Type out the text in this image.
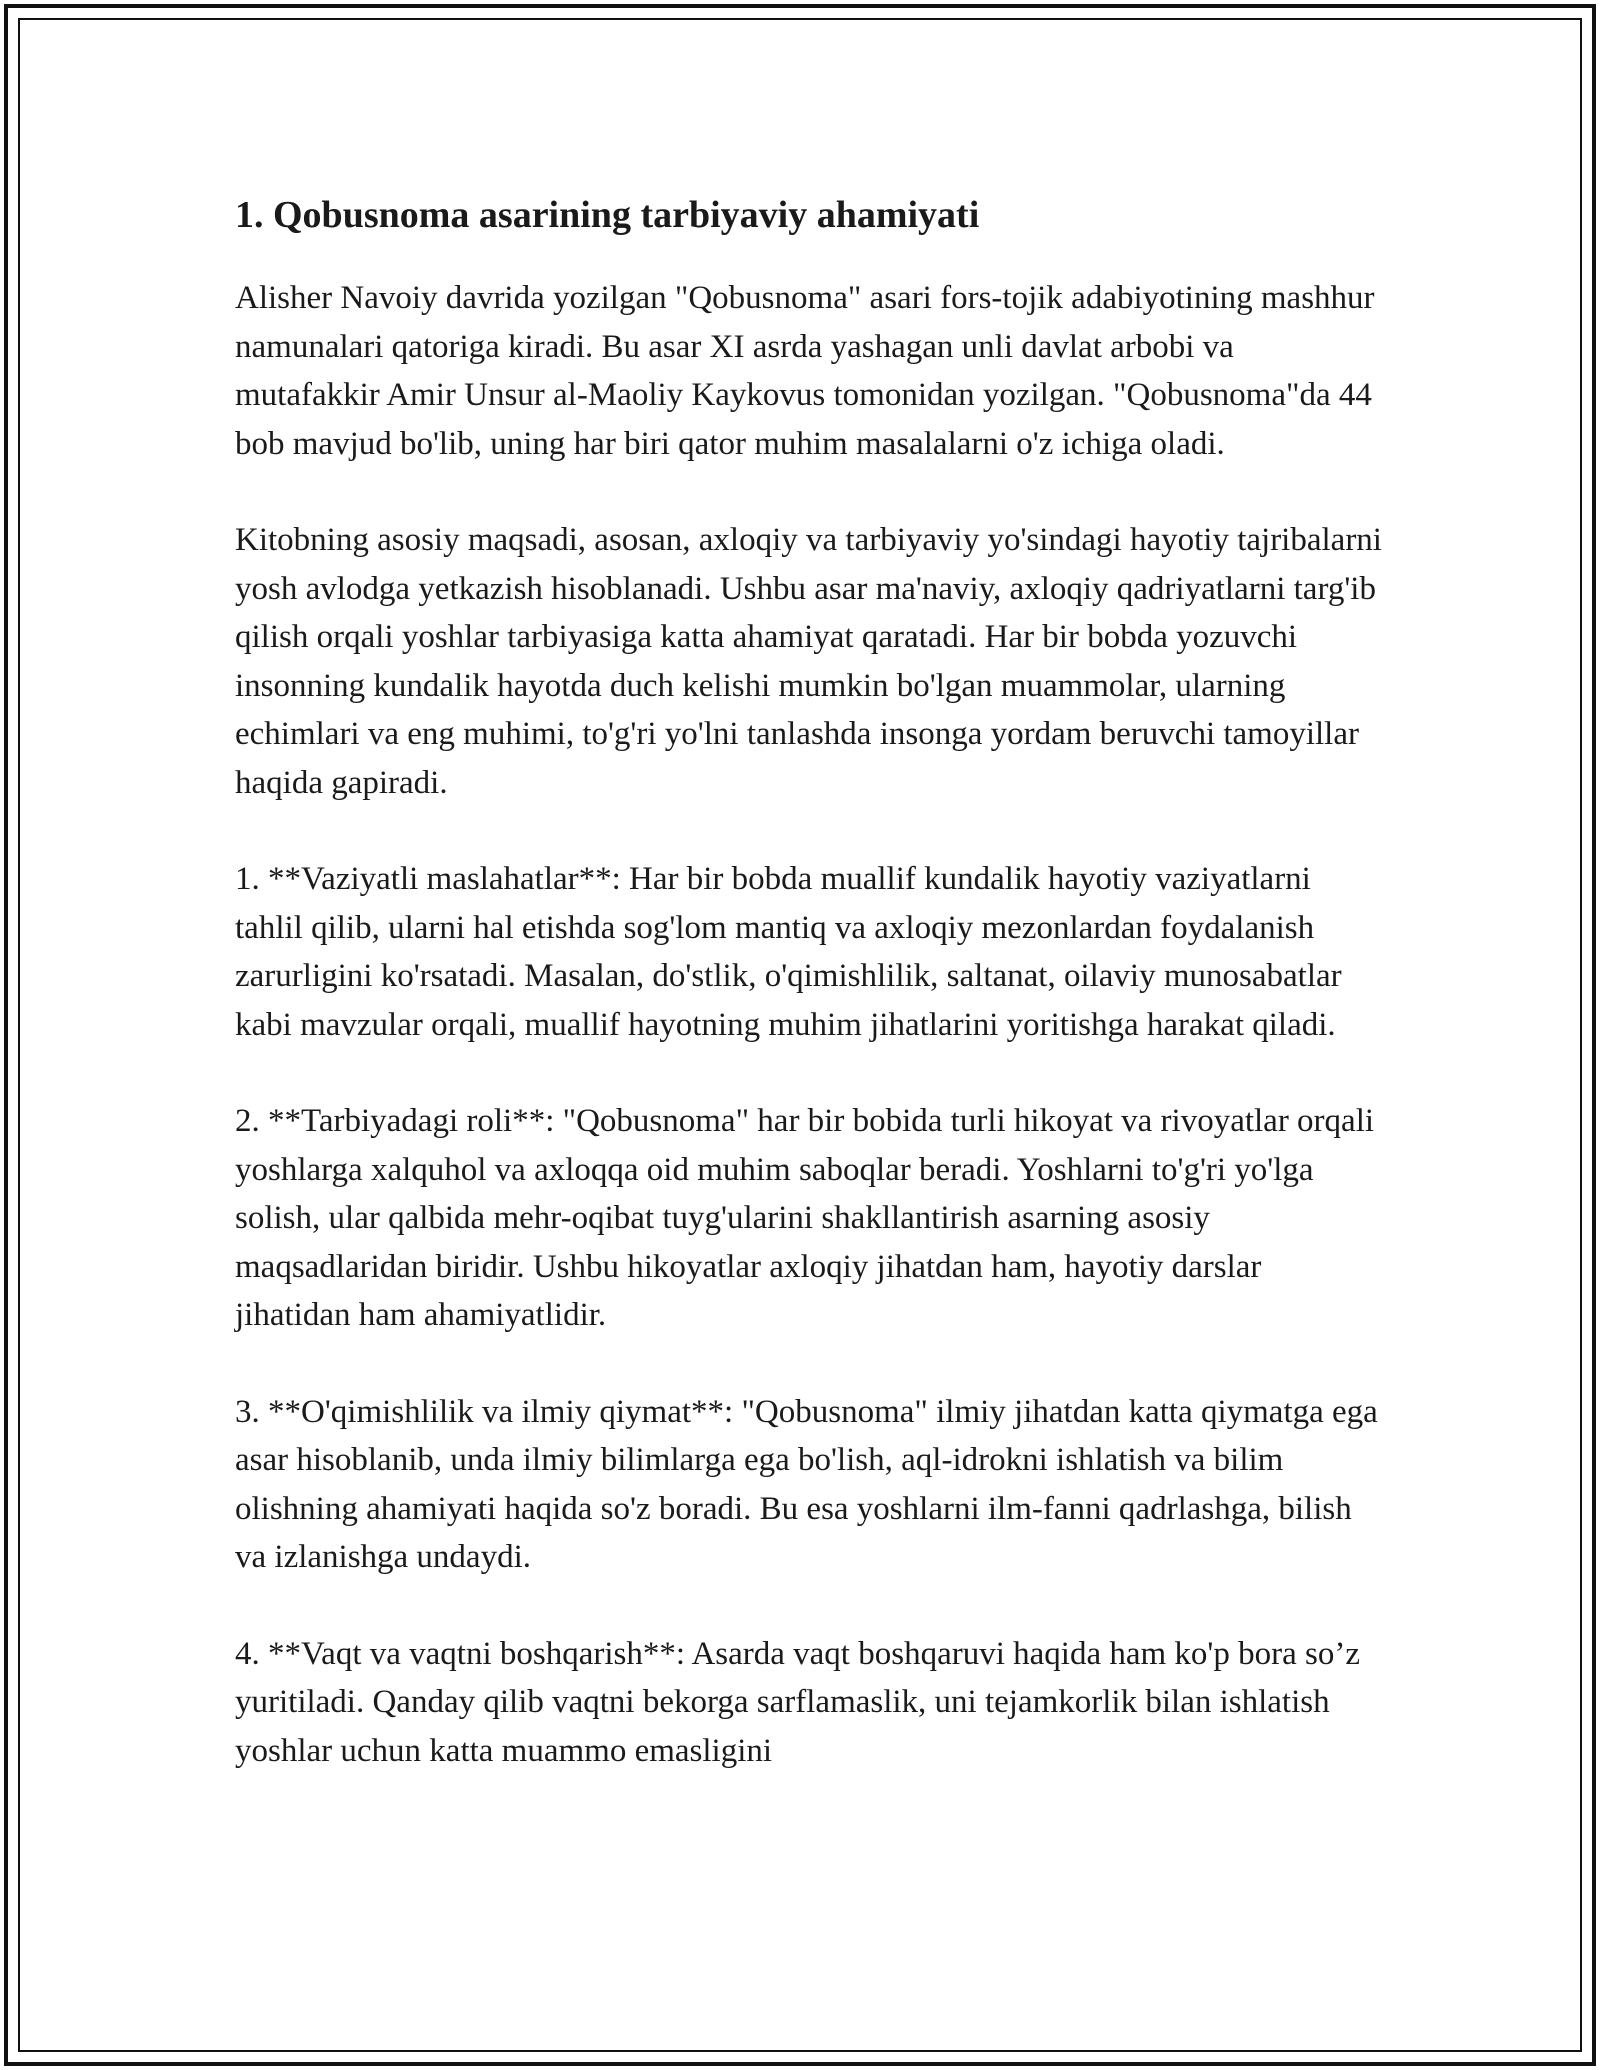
1. Qobusnoma asarining tarbiyaviy ahamiyati

Alisher Navoiy davrida yozilgan "Qobusnoma" asari fors-tojik adabiyotining mashhur namunalari qatoriga kiradi. Bu asar XI asrda yashagan unli davlat arbobi va mutafakkir Amir Unsur al-Maoliy Kaykovus tomonidan yozilgan. "Qobusnoma"da 44 bob mavjud bo'lib, uning har biri qator muhim masalalarni o'z ichiga oladi.

Kitobning asosiy maqsadi, asosan, axloqiy va tarbiyaviy yo'sindagi hayotiy tajribalarni yosh avlodga yetkazish hisoblanadi. Ushbu asar ma'naviy, axloqiy qadriyatlarni targ'ib qilish orqali yoshlar tarbiyasiga katta ahamiyat qaratadi. Har bir bobda yozuvchi insonning kundalik hayotda duch kelishi mumkin bo'lgan muammolar, ularning echimlari va eng muhimi, to'g'ri yo'lni tanlashda insonga yordam beruvchi tamoyillar haqida gapiradi.

1. **Vaziyatli maslahatlar**: Har bir bobda muallif kundalik hayotiy vaziyatlarni tahlil qilib, ularni hal etishda sog'lom mantiq va axloqiy mezonlardan foydalanish zarurligini ko'rsatadi. Masalan, do'stlik, o'qimishlilik, saltanat, oilaviy munosabatlar kabi mavzular orqali, muallif hayotning muhim jihatlarini yoritishga harakat qiladi.

2. **Tarbiyadagi roli**: "Qobusnoma" har bir bobida turli hikoyat va rivoyatlar orqali yoshlarga xalquhol va axloqqa oid muhim saboqlar beradi. Yoshlarni to'g'ri yo'lga solish, ular qalbida mehr-oqibat tuyg'ularini shakllantirish asarning asosiy maqsadlaridan biridir. Ushbu hikoyatlar axloqiy jihatdan ham, hayotiy darslar jihatidan ham ahamiyatlidir.

3. **O'qimishlilik va ilmiy qiymat**: "Qobusnoma" ilmiy jihatdan katta qiymatga ega asar hisoblanib, unda ilmiy bilimlarga ega bo'lish, aql-idrokni ishlatish va bilim olishning ahamiyati haqida so'z boradi. Bu esa yoshlarni ilm-fanni qadrlashga, bilish va izlanishga undaydi.

4. **Vaqt va vaqtni boshqarish**: Asarda vaqt boshqaruvi haqida ham ko'p bora so’z yuritiladi. Qanday qilib vaqtni bekorga sarflamaslik, uni tejamkorlik bilan ishlatish yoshlar uchun katta muammo emasligini
